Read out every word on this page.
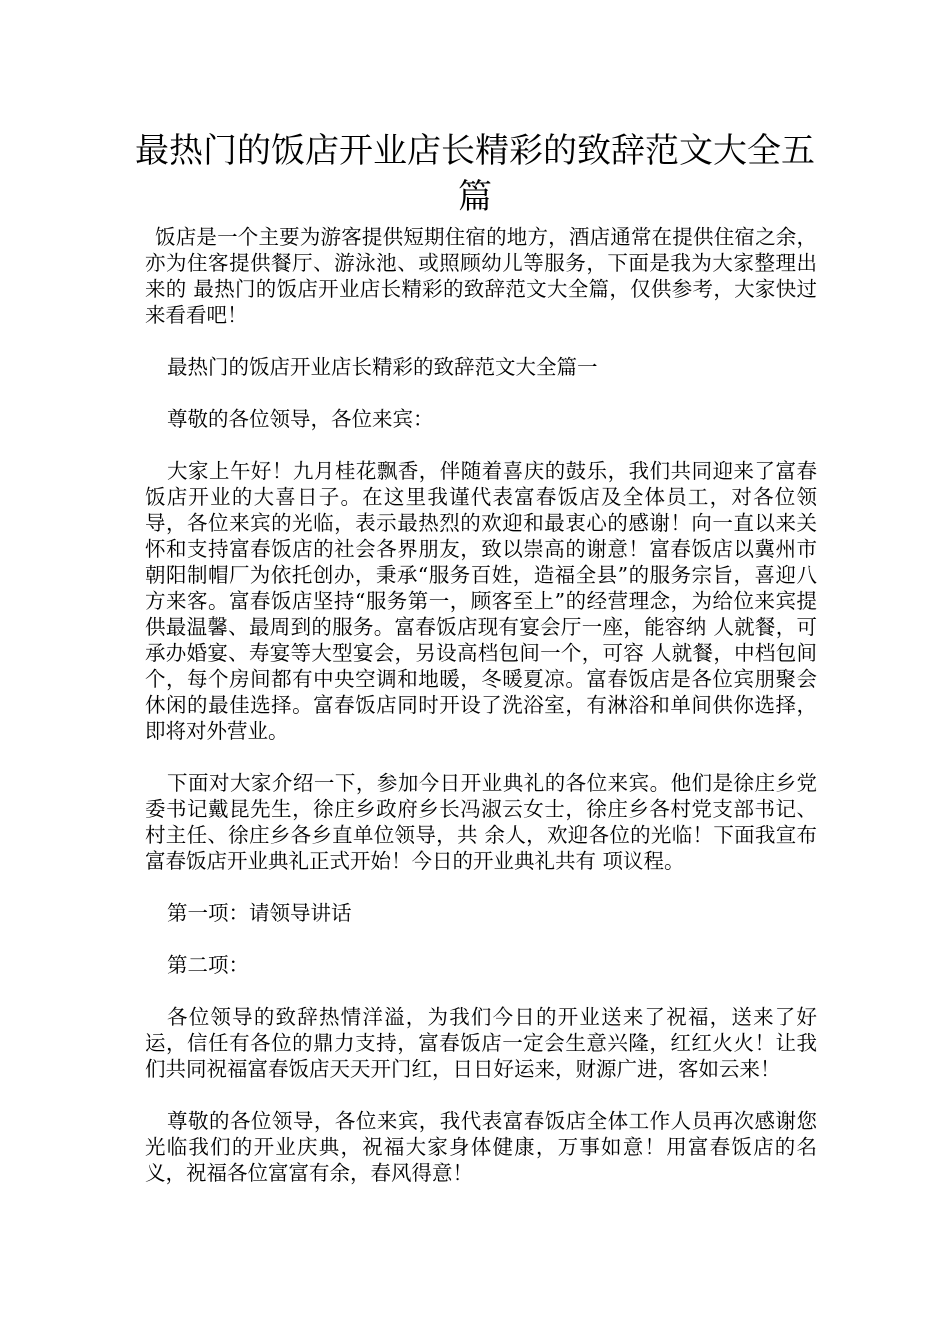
最热门的饭店开业店长精彩的致辞范文大全五篇

饭店是一个主要为游客提供短期住宿的地方，酒店通常在提供住宿之余，亦为住客提供餐厅、游泳池、或照顾幼儿等服务，下面是我为大家整理出来的 最热门的饭店开业店长精彩的致辞范文大全篇，仅供参考，大家快过来看看吧！

最热门的饭店开业店长精彩的致辞范文大全篇一

尊敬的各位领导，各位来宾：

大家上午好！九月桂花飘香，伴随着喜庆的鼓乐，我们共同迎来了富春饭店开业的大喜日子。在这里我谨代表富春饭店及全体员工，对各位领导，各位来宾的光临，表示最热烈的欢迎和最衷心的感谢！向一直以来关怀和支持富春饭店的社会各界朋友，致以崇高的谢意！富春饭店以冀州市朝阳制帽厂为依托创办，秉承“服务百姓，造福全县”的服务宗旨，喜迎八方来客。富春饭店坚持“服务第一，顾客至上”的经营理念，为给位来宾提供最温馨、最周到的服务。富春饭店现有宴会厅一座，能容纳 人就餐，可承办婚宴、寿宴等大型宴会，另设高档包间一个，可容 人就餐，中档包间 个，每个房间都有中央空调和地暖，冬暖夏凉。富春饭店是各位宾朋聚会休闲的最佳选择。富春饭店同时开设了洗浴室，有淋浴和单间供你选择，即将对外营业。

下面对大家介绍一下，参加今日开业典礼的各位来宾。他们是徐庄乡党委书记戴昆先生，徐庄乡政府乡长冯淑云女士，徐庄乡各村党支部书记、村主任、徐庄乡各乡直单位领导，共 余人，欢迎各位的光临！下面我宣布富春饭店开业典礼正式开始！今日的开业典礼共有 项议程。

第一项：请领导讲话

第二项：

各位领导的致辞热情洋溢，为我们今日的开业送来了祝福，送来了好运，信任有各位的鼎力支持，富春饭店一定会生意兴隆，红红火火！让我们共同祝福富春饭店天天开门红，日日好运来，财源广进，客如云来！

尊敬的各位领导，各位来宾，我代表富春饭店全体工作人员再次感谢您光临我们的开业庆典，祝福大家身体健康，万事如意！用富春饭店的名义，祝福各位富富有余，春风得意！
